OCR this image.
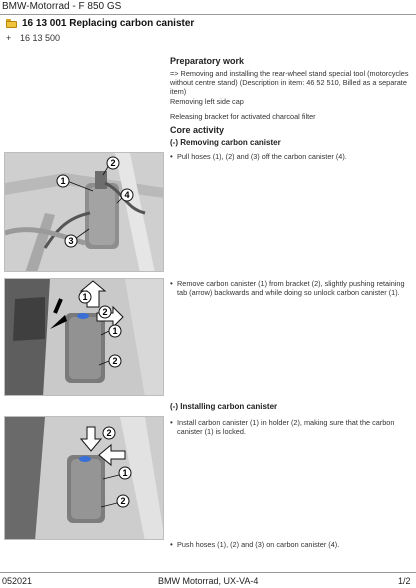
BMW-Motorrad - F 850 GS
16 13 001 Replacing carbon canister
+ 16 13 500
Preparatory work
=> Removing and installing the rear-wheel stand special tool (motorcycles without centre stand) (Description in item: 46 52 510, Billed as a separate item)
Removing left side cap
Releasing bracket for activated charcoal filter
Core activity
(-) Removing carbon canister
• Pull hoses (1), (2) and (3) off the carbon canister (4).
• Remove carbon canister (1) from bracket (2), slightly pushing retaining tab (arrow) backwards and while doing so unlock carbon canister (1).
(-) Installing carbon canister
• Install carbon canister (1) in holder (2), making sure that the carbon canister (1) is locked.
• Push hoses (1), (2) and (3) on carbon canister (4).
1
2
3
4
1
2
1
2
2
1
2
052021	BMW Motorrad, UX-VA-4	1/2
